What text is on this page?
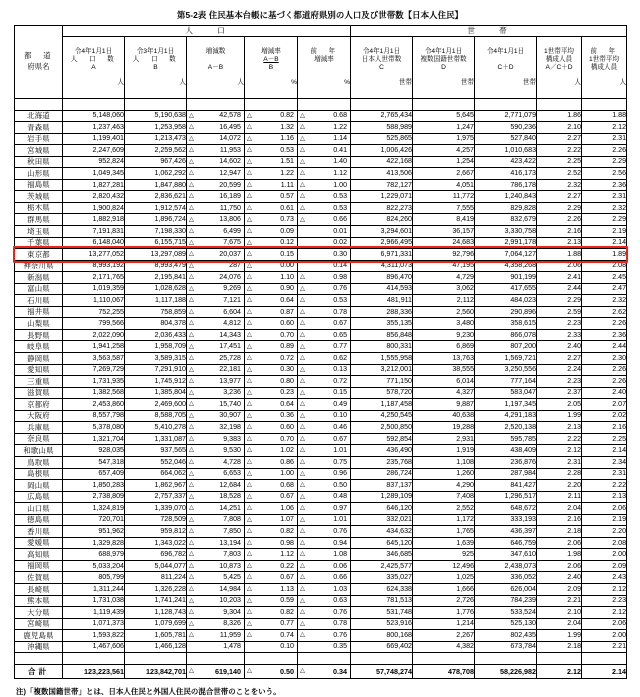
第5-2表 住民基本台帳に基づく都道府県別の人口及び世帯数【日本人住民】
都　道
府県名	人　　口					世　　帯				

	令4年1月1日
人　口　数
A

人	令3年1月1日
人　口　数
B

人	増減数

A－B

人	増減率
A－B
B

%	前　年
増減率

%	令4年1月1日
日本人世帯数
C

世帯	令4年1月1日
複数国籍世帯数
D

世帯	令4年1月1日

C＋D

世帯	1世帯平均
構成人員
A／C＋D

人	前　年
1世帯平均
構成人員

人

北海道	5,148,060	5,190,638	△ 42,578	△ 0.82	△ 0.68	2,765,434	5,645	2,771,079	1.86	1.88
青森県	1,237,463	1,253,958	△ 16,495	△ 1.32	△ 1.22	588,989	1,247	590,236	2.10	2.12
岩手県	1,199,401	1,213,473	△ 14,072	△ 1.16	△ 1.14	525,865	1,975	527,840	2.27	2.31
宮城県	2,247,609	2,259,562	△ 11,953	△ 0.53	△ 0.41	1,006,426	4,257	1,010,683	2.22	2.26
秋田県	952,824	967,426	△ 14,602	△ 1.51	△ 1.40	422,168	1,254	423,422	2.25	2.29
山形県	1,049,345	1,062,292	△ 12,947	△ 1.22	△ 1.12	413,506	2,667	416,173	2.52	2.56
福島県	1,827,281	1,847,880	△ 20,599	△ 1.11	△ 1.00	782,127	4,051	786,178	2.32	2.36
茨城県	2,820,432	2,836,621	△ 16,189	△ 0.57	△ 0.53	1,229,071	11,772	1,240,843	2.27	2.31
栃木県	1,900,824	1,912,574	△ 11,750	△ 0.61	△ 0.53	822,273	7,555	829,828	2.29	2.32
群馬県	1,882,918	1,896,724	△ 13,806	△ 0.73	△ 0.66	824,260	8,419	832,679	2.26	2.29
埼玉県	7,191,831	7,198,330	△ 6,499	△ 0.09	0.01	3,294,601	36,157	3,330,758	2.16	2.19
千葉県	6,148,040	6,155,715	△ 7,675	△ 0.12	0.02	2,966,495	24,683	2,991,178	2.13	2.14
東京都	13,277,052	13,297,089	△ 20,037	△ 0.15	0.30	6,971,331	92,796	7,064,127	1.88	1.89
神奈川県	8,993,192	8,993,479	△ 287	△ 0.00	0.14	4,311,073	47,195	4,358,268	2.06	2.08
新潟県	2,171,765	2,195,841	△ 24,076	△ 1.10	△ 0.98	896,470	4,729	901,199	2.41	2.45
富山県	1,019,359	1,028,628	△ 9,269	△ 0.90	△ 0.76	414,593	3,062	417,655	2.44	2.47
石川県	1,110,067	1,117,188	△ 7,121	△ 0.64	△ 0.53	481,911	2,112	484,023	2.29	2.32
福井県	752,255	758,859	△ 6,604	△ 0.87	△ 0.78	288,336	2,560	290,896	2.59	2.62
山梨県	799,566	804,378	△ 4,812	△ 0.60	△ 0.67	355,135	3,480	358,615	2.23	2.26
長野県	2,022,090	2,036,433	△ 14,343	△ 0.70	△ 0.65	856,848	9,230	866,078	2.33	2.36
岐阜県	1,941,258	1,958,709	△ 17,451	△ 0.89	△ 0.77	800,331	6,869	807,200	2.40	2.44
静岡県	3,563,587	3,589,315	△ 25,728	△ 0.72	△ 0.62	1,555,958	13,763	1,569,721	2.27	2.30
愛知県	7,269,729	7,291,910	△ 22,181	△ 0.30	△ 0.13	3,212,001	38,555	3,250,556	2.24	2.26
三重県	1,731,935	1,745,912	△ 13,977	△ 0.80	△ 0.72	771,150	6,014	777,164	2.23	2.26
滋賀県	1,382,568	1,385,804	△ 3,236	△ 0.23	△ 0.15	578,720	4,327	583,047	2.37	2.40
京都府	2,453,860	2,469,600	△ 15,740	△ 0.64	△ 0.49	1,187,458	9,887	1,197,345	2.05	2.07
大阪府	8,557,798	8,588,705	△ 30,907	△ 0.36	△ 0.10	4,250,545	40,638	4,291,183	1.99	2.02
兵庫県	5,378,080	5,410,278	△ 32,198	△ 0.60	△ 0.46	2,500,850	19,288	2,520,138	2.13	2.16
奈良県	1,321,704	1,331,087	△ 9,383	△ 0.70	△ 0.67	592,854	2,931	595,785	2.22	2.25
和歌山県	928,035	937,565	△ 9,530	△ 1.02	△ 1.01	436,490	1,919	438,409	2.12	2.14
鳥取県	547,318	552,046	△ 4,728	△ 0.86	△ 0.75	235,768	1,108	236,876	2.31	2.34
島根県	657,409	664,062	△ 6,653	△ 1.00	△ 0.96	286,724	1,260	287,984	2.28	2.31
岡山県	1,850,283	1,862,967	△ 12,684	△ 0.68	△ 0.50	837,137	4,290	841,427	2.20	2.22
広島県	2,738,809	2,757,337	△ 18,528	△ 0.67	△ 0.48	1,289,109	7,408	1,296,517	2.11	2.13
山口県	1,324,819	1,339,070	△ 14,251	△ 1.06	△ 0.97	646,120	2,552	648,672	2.04	2.06
徳島県	720,701	728,509	△ 7,808	△ 1.07	△ 1.01	332,021	1,172	333,193	2.16	2.19
香川県	951,962	959,812	△ 7,850	△ 0.82	△ 0.76	434,632	1,765	436,397	2.18	2.20
愛媛県	1,329,828	1,343,022	△ 13,194	△ 0.98	△ 0.94	645,120	1,639	646,759	2.06	2.08
高知県	688,979	696,782	△ 7,803	△ 1.12	△ 1.08	346,685	925	347,610	1.98	2.00
福岡県	5,033,204	5,044,077	△ 10,873	△ 0.22	△ 0.06	2,425,577	12,496	2,438,073	2.06	2.09
佐賀県	805,799	811,224	△ 5,425	△ 0.67	△ 0.66	335,027	1,025	336,052	2.40	2.43
長崎県	1,311,244	1,326,228	△ 14,984	△ 1.13	△ 1.03	624,338	1,666	626,004	2.09	2.12
熊本県	1,731,038	1,741,241	△ 10,203	△ 0.59	△ 0.63	781,513	2,726	784,239	2.21	2.23
大分県	1,119,439	1,128,743	△ 9,304	△ 0.82	△ 0.76	531,748	1,776	533,524	2.10	2.12
宮崎県	1,071,373	1,079,699	△ 8,326	△ 0.77	△ 0.78	523,916	1,214	525,130	2.04	2.06
鹿児島県	1,593,822	1,605,781	△ 11,959	△ 0.74	△ 0.76	800,168	2,267	802,435	1.99	2.00
沖縄県	1,467,606	1,466,128	1,478	0.10	0.35	669,402	4,382	673,784	2.18	2.21

合計	123,223,561	123,842,701	△ 619,140	△ 0.50	△ 0.34	57,748,274	478,708	58,226,982	2.12	2.14
注)「複数国籍世帯」とは、日本人住民と外国人住民の混合世帯のことをいう。
